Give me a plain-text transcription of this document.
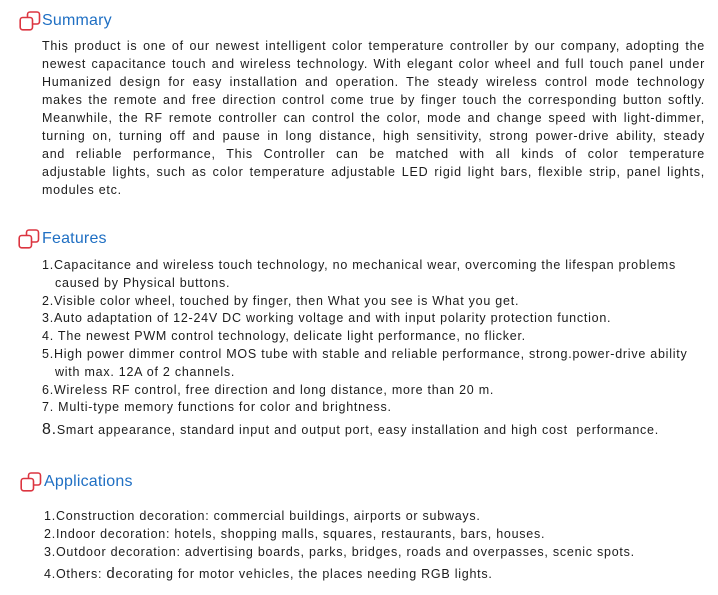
Summary
This product is one of our newest intelligent color temperature controller by our company, adopting the
newest capacitance touch and wireless technology. With elegant color wheel and full touch panel under
Humanized design for easy installation and operation. The steady wireless control mode technology
makes the remote and free direction control come true by finger touch the corresponding button softly.
Meanwhile, the RF remote controller can control the color, mode and change speed with light-dimmer,
turning on, turning off and pause in long distance, high sensitivity, strong power-drive ability, steady
and reliable performance, This Controller can be matched with all kinds of color temperature
adjustable lights, such as color temperature adjustable LED rigid light bars, flexible strip, panel lights,
modules etc.
Features
1.Capacitance and wireless touch technology, no mechanical wear, overcoming the lifespan problems
caused by Physical buttons.
2.Visible color wheel, touched by finger, then What you see is What you get.
3.Auto adaptation of 12-24V DC working voltage and with input polarity protection function.
4. The newest PWM control technology, delicate light performance, no flicker.
5.High power dimmer control MOS tube with stable and reliable performance, strong.power-drive ability
with max. 12A of 2 channels.
6.Wireless RF control, free direction and long distance, more than 20 m.
7. Multi-type memory functions for color and brightness.
8.Smart appearance, standard input and output port, easy installation and high cost  performance.
Applications
1.Construction decoration: commercial buildings, airports or subways.
2.Indoor decoration: hotels, shopping malls, squares, restaurants, bars, houses.
3.Outdoor decoration: advertising boards, parks, bridges, roads and overpasses, scenic spots.
4.Others: decorating for motor vehicles, the places needing RGB lights.
